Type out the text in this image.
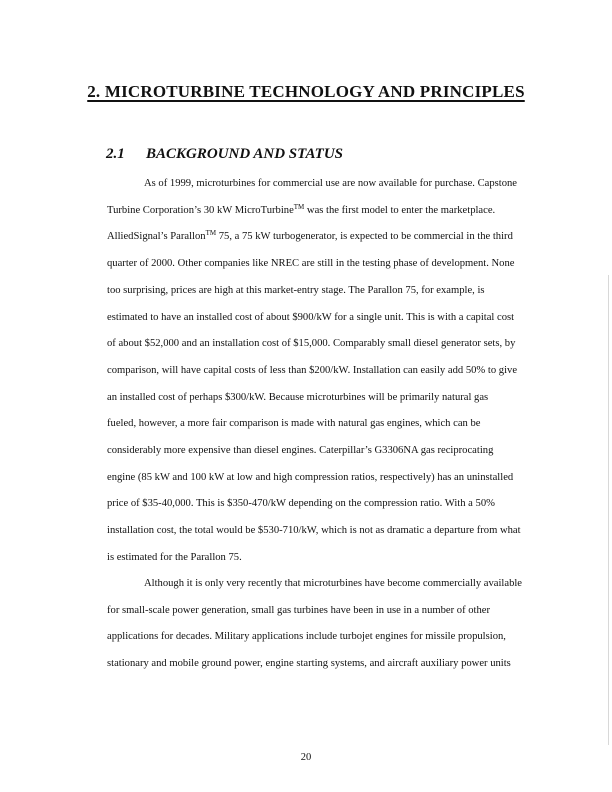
2. MICROTURBINE TECHNOLOGY AND PRINCIPLES
2.1 BACKGROUND AND STATUS

As of 1999, microturbines for commercial use are now available for purchase. Capstone
Turbine Corporation’s 30 kW MicroTurbine™ was the first model to enter the marketplace.
AlliedSignal’s Parallon™ 75, a 75 kW turbogenerator, is expected to be commercial in the third
quarter of 2000. Other companies like NREC are still in the testing phase of development. None
too surprising, prices are high at this market-entry stage. The Parallon 75, for example, is
estimated to have an installed cost of about $900/kW for a single unit. This is with a capital cost
of about $52,000 and an installation cost of $15,000. Comparably small diesel generator sets, by
comparison, will have capital costs of less than $200/kW. Installation can easily add 50% to give
an installed cost of perhaps $300/kW. Because microturbines will be primarily natural gas
fueled, however, a more fair comparison is made with natural gas engines, which can be
considerably more expensive than diesel engines. Caterpillar’s G3306NA gas reciprocating
engine (85 kW and 100 kW at low and high compression ratios, respectively) has an uninstalled
price of $35-40,000. This is $350-470/kW depending on the compression ratio. With a 50%
installation cost, the total would be $530-710/kW, which is not as dramatic a departure from what
is estimated for the Parallon 75.

Although it is only very recently that microturbines have become commercially available
for small-scale power generation, small gas turbines have been in use in a number of other
applications for decades. Military applications include turbojet engines for missile propulsion,
stationary and mobile ground power, engine starting systems, and aircraft auxiliary power units

20
